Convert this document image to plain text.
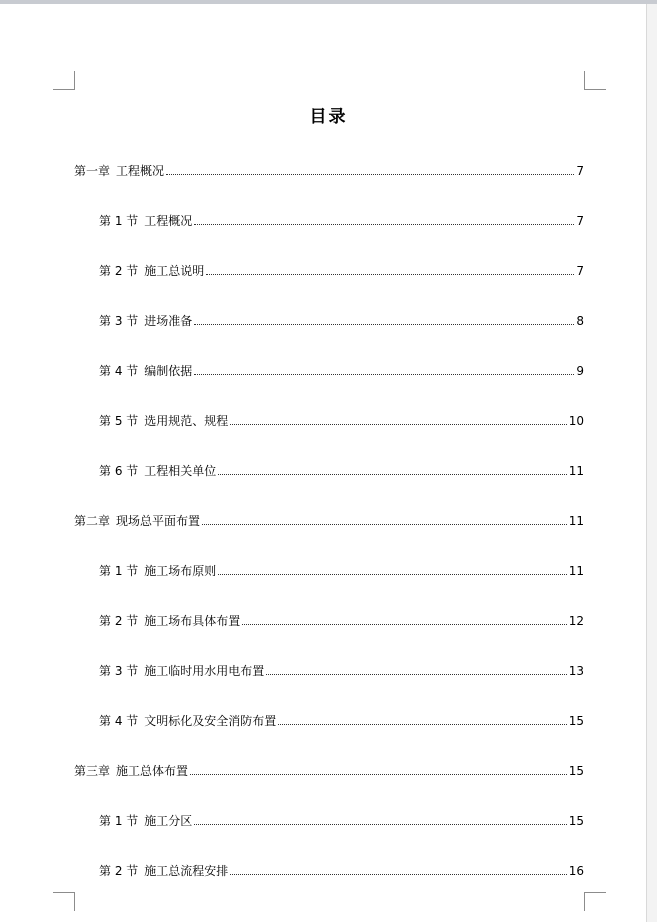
目录
第一章 工程概况	7
第 1 节 工程概况	7
第 2 节 施工总说明	7
第 3 节 进场准备	8
第 4 节 编制依据	9
第 5 节 选用规范、规程	10
第 6 节 工程相关单位	11
第二章 现场总平面布置	11
第 1 节 施工场布原则	11
第 2 节 施工场布具体布置	12
第 3 节 施工临时用水用电布置	13
第 4 节 文明标化及安全消防布置	15
第三章 施工总体布置	15
第 1 节 施工分区	15
第 2 节 施工总流程安排	16
